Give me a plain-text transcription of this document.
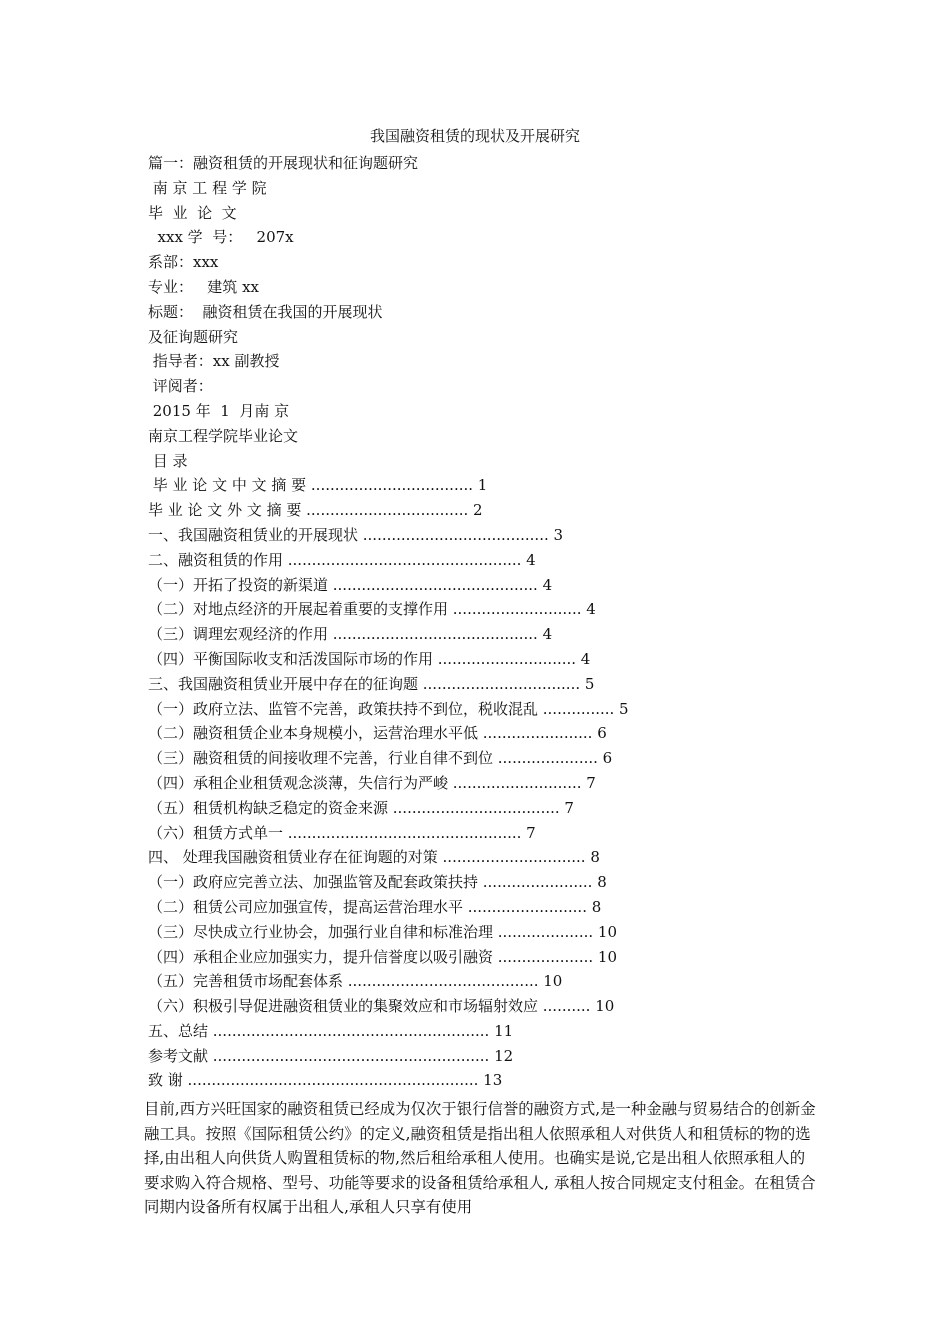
我国融资租赁的现状及开展研究
篇一：融资租赁的开展现状和征询题研究
南 京 工 程 学 院
毕  业  论  文
xxx 学  号：   207x
系部：xxx
专业：   建筑 xx
标题：  融资租赁在我国的开展现状
及征询题研究
指导者：xx 副教授
评阅者：
2015 年  1  月南 京
南京工程学院毕业论文
目 录
毕 业 论 文 中 文 摘 要 .................................. 1
毕 业 论 文 外 文 摘 要 .................................. 2
一、我国融资租赁业的开展现状 ....................................... 3
二、融资租赁的作用 ................................................. 4
（一）开拓了投资的新渠道 ........................................... 4
（二）对地点经济的开展起着重要的支撑作用 ........................... 4
（三）调理宏观经济的作用 ........................................... 4
（四）平衡国际收支和活泼国际市场的作用 ............................. 4
三、我国融资租赁业开展中存在的征询题 ................................. 5
（一）政府立法、监管不完善，政策扶持不到位，税收混乱 ............... 5
（二）融资租赁企业本身规模小，运营治理水平低 ....................... 6
（三）融资租赁的间接收理不完善，行业自律不到位 ..................... 6
（四）承租企业租赁观念淡薄，失信行为严峻 ........................... 7
（五）租赁机构缺乏稳定的资金来源 ................................... 7
（六）租赁方式单一 ................................................. 7
四、 处理我国融资租赁业存在征询题的对策 .............................. 8
（一）政府应完善立法、加强监管及配套政策扶持 ....................... 8
（二）租赁公司应加强宣传，提高运营治理水平 ......................... 8
（三）尽快成立行业协会，加强行业自律和标准治理 .................... 10
（四）承租企业应加强实力，提升信誉度以吸引融资 .................... 10
（五）完善租赁市场配套体系 ........................................ 10
（六）积极引导促进融资租赁业的集聚效应和市场辐射效应 .......... 10
五、总结 .......................................................... 11
参考文献 .......................................................... 12
致 谢 ............................................................. 13

目前,西方兴旺国家的融资租赁已经成为仅次于银行信誉的融资方式,是一种金融与贸易结合的创新金融工具。按照《国际租赁公约》的定义,融资租赁是指出租人依照承租人对供货人和租赁标的物的选择,由出租人向供货人购置租赁标的物,然后租给承租人使用。也确实是说,它是出租人依照承租人的要求购入符合规格、型号、功能等要求的设备租赁给承租人, 承租人按合同规定支付租金。在租赁合同期内设备所有权属于出租人,承租人只享有使用
